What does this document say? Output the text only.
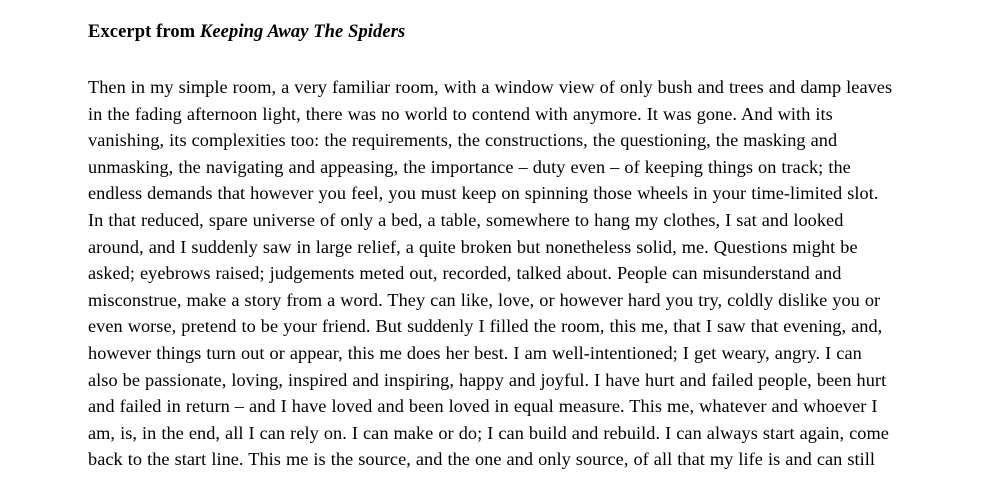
Excerpt from Keeping Away The Spiders

Then in my simple room, a very familiar room, with a window view of only bush and trees and damp leaves in the fading afternoon light, there was no world to contend with anymore. It was gone. And with its vanishing, its complexities too: the requirements, the constructions, the questioning, the masking and unmasking, the navigating and appeasing, the importance – duty even – of keeping things on track; the endless demands that however you feel, you must keep on spinning those wheels in your time-limited slot. In that reduced, spare universe of only a bed, a table, somewhere to hang my clothes, I sat and looked around, and I suddenly saw in large relief, a quite broken but nonetheless solid, me. Questions might be asked; eyebrows raised; judgements meted out, recorded, talked about. People can misunderstand and misconstrue, make a story from a word. They can like, love, or however hard you try, coldly dislike you or even worse, pretend to be your friend. But suddenly I filled the room, this me, that I saw that evening, and, however things turn out or appear, this me does her best. I am well-intentioned; I get weary, angry. I can also be passionate, loving, inspired and inspiring, happy and joyful. I have hurt and failed people, been hurt and failed in return – and I have loved and been loved in equal measure. This me, whatever and whoever I am, is, in the end, all I can rely on. I can make or do; I can build and rebuild. I can always start again, come back to the start line. This me is the source, and the one and only source, of all that my life is and can still
